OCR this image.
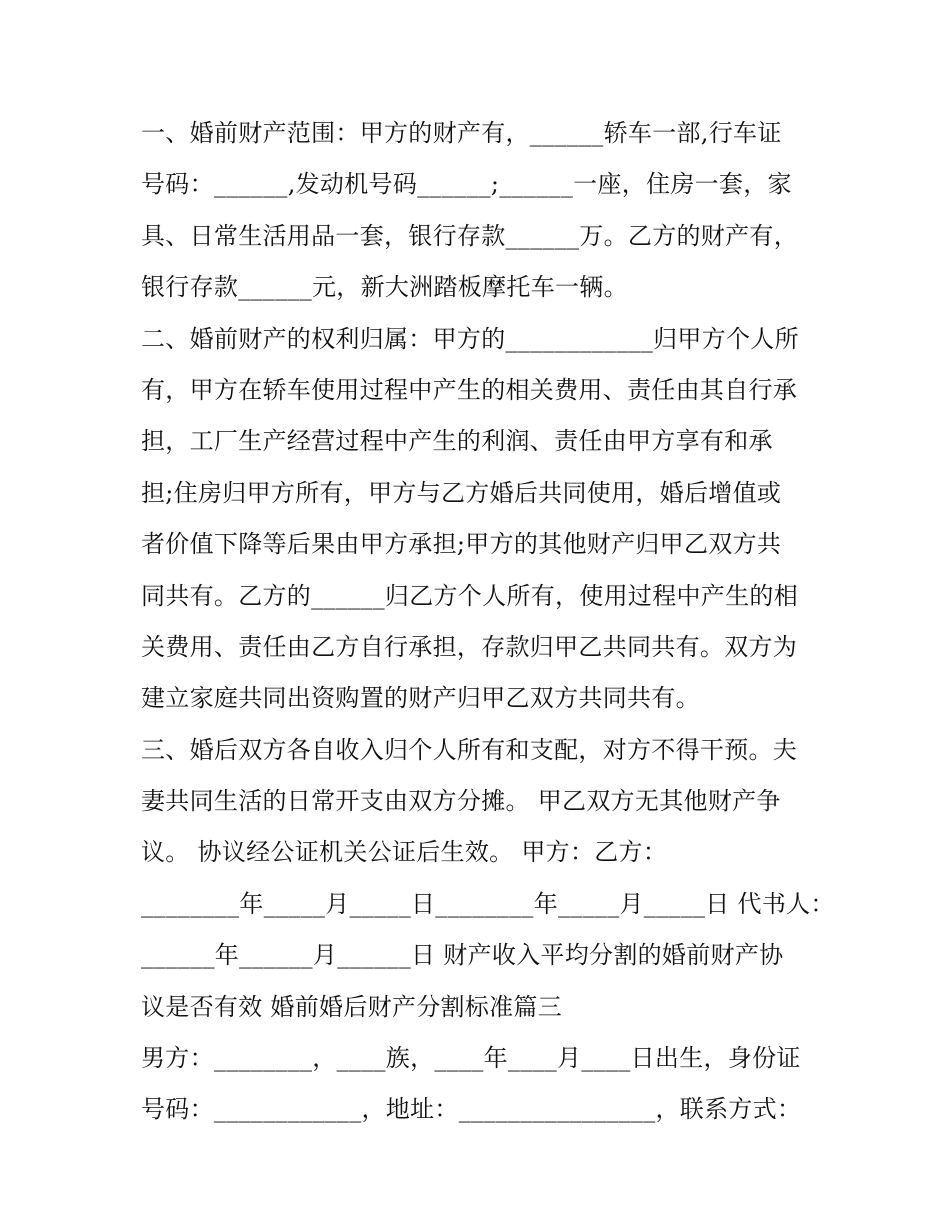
一、婚前财产范围：甲方的财产有，______轿车一部,行车证
号码：______,发动机号码______;______一座，住房一套，家
具、日常生活用品一套，银行存款______万。乙方的财产有，
银行存款______元，新大洲踏板摩托车一辆。
二、婚前财产的权利归属：甲方的____________归甲方个人所
有，甲方在轿车使用过程中产生的相关费用、责任由其自行承
担，工厂生产经营过程中产生的利润、责任由甲方享有和承
担;住房归甲方所有，甲方与乙方婚后共同使用，婚后增值或
者价值下降等后果由甲方承担;甲方的其他财产归甲乙双方共
同共有。乙方的______归乙方个人所有，使用过程中产生的相
关费用、责任由乙方自行承担，存款归甲乙共同共有。双方为
建立家庭共同出资购置的财产归甲乙双方共同共有。
三、婚后双方各自收入归个人所有和支配，对方不得干预。夫
妻共同生活的日常开支由双方分摊。 甲乙双方无其他财产争
议。 协议经公证机关公证后生效。 甲方：乙方：
________年_____月_____日________年_____月_____日 代书人：
______年______月______日 财产收入平均分割的婚前财产协
议是否有效 婚前婚后财产分割标准篇三
男方：________，____族，____年____月____日出生，身份证
号码：____________，地址：________________，联系方式：
